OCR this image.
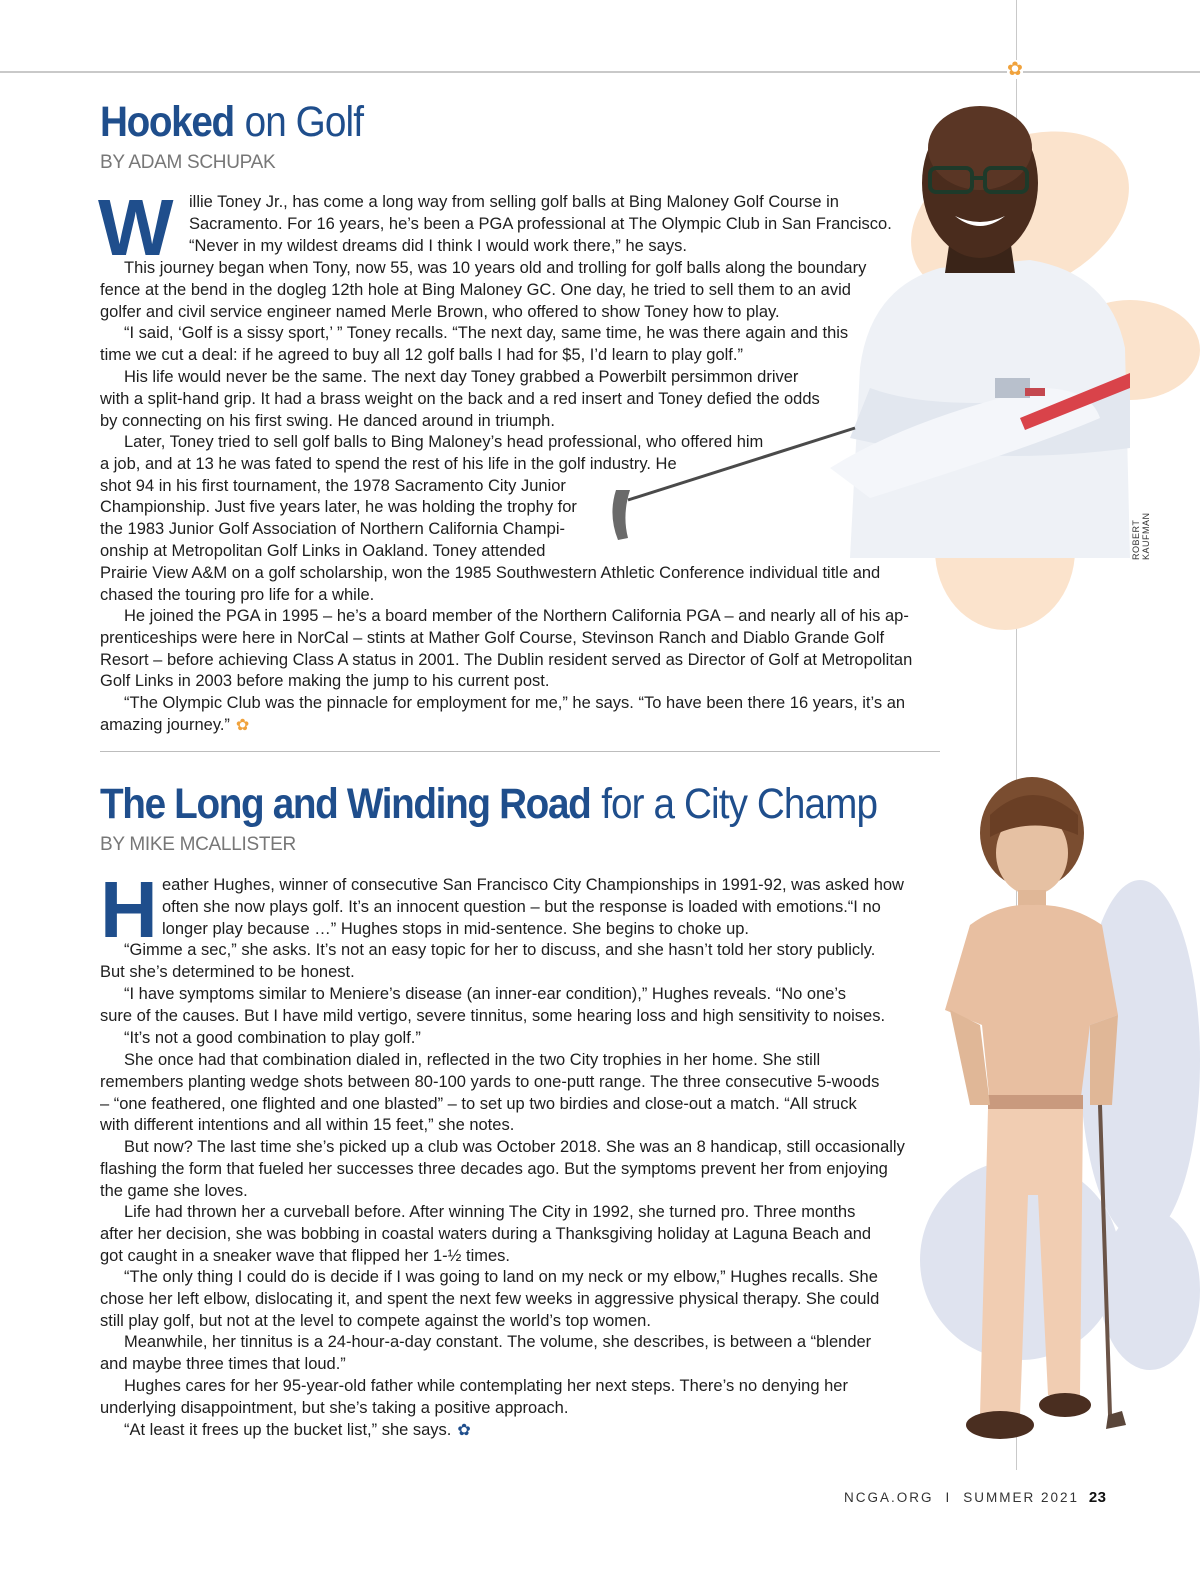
✿
ROBERT KAUFMAN
Hooked on Golf
BY ADAM SCHUPAK
W illie Toney Jr., has come a long way from selling golf balls at Bing Maloney Golf Course in
Sacramento. For 16 years, he’s been a PGA professional at The Olympic Club in San Francisco.
“Never in my wildest dreams did I think I would work there,” he says.
This journey began when Tony, now 55, was 10 years old and trolling for golf balls along the boundary
fence at the bend in the dogleg 12th hole at Bing Maloney GC. One day, he tried to sell them to an avid
golfer and civil service engineer named Merle Brown, who offered to show Toney how to play.
“I said, ‘Golf is a sissy sport,’ ” Toney recalls. “The next day, same time, he was there again and this
time we cut a deal: if he agreed to buy all 12 golf balls I had for $5, I’d learn to play golf.”
His life would never be the same. The next day Toney grabbed a Powerbilt persimmon driver
with a split-hand grip. It had a brass weight on the back and a red insert and Toney defied the odds
by connecting on his first swing. He danced around in triumph.
Later, Toney tried to sell golf balls to Bing Maloney’s head professional, who offered him
a job, and at 13 he was fated to spend the rest of his life in the golf industry. He
shot 94 in his first tournament, the 1978 Sacramento City Junior
Championship. Just five years later, he was holding the trophy for
the 1983 Junior Golf Association of Northern California Champi-
onship at Metropolitan Golf Links in Oakland. Toney attended
Prairie View A&M on a golf scholarship, won the 1985 Southwestern Athletic Conference individual title and
chased the touring pro life for a while.
He joined the PGA in 1995 – he’s a board member of the Northern California PGA – and nearly all of his ap-
prenticeships were here in NorCal – stints at Mather Golf Course, Stevinson Ranch and Diablo Grande Golf
Resort – before achieving Class A status in 2001. The Dublin resident served as Director of Golf at Metropolitan
Golf Links in 2003 before making the jump to his current post.
“The Olympic Club was the pinnacle for employment for me,” he says. “To have been there 16 years, it’s an
amazing journey.” ✿
The Long and Winding Road for a City Champ
BY MIKE MCALLISTER
H eather Hughes, winner of consecutive San Francisco City Championships in 1991-92, was asked how
often she now plays golf. It’s an innocent question – but the response is loaded with emotions.“I no
longer play because …” Hughes stops in mid-sentence. She begins to choke up.
“Gimme a sec,” she asks. It’s not an easy topic for her to discuss, and she hasn’t told her story publicly.
But she’s determined to be honest.
“I have symptoms similar to Meniere’s disease (an inner-ear condition),” Hughes reveals. “No one’s
sure of the causes. But I have mild vertigo, severe tinnitus, some hearing loss and high sensitivity to noises.
“It’s not a good combination to play golf.”
She once had that combination dialed in, reflected in the two City trophies in her home. She still
remembers planting wedge shots between 80-100 yards to one-putt range. The three consecutive 5-woods
– “one feathered, one flighted and one blasted” – to set up two birdies and close-out a match. “All struck
with different intentions and all within 15 feet,” she notes.
But now? The last time she’s picked up a club was October 2018. She was an 8 handicap, still occasionally
flashing the form that fueled her successes three decades ago. But the symptoms prevent her from enjoying
the game she loves.
Life had thrown her a curveball before. After winning The City in 1992, she turned pro. Three months
after her decision, she was bobbing in coastal waters during a Thanksgiving holiday at Laguna Beach and
got caught in a sneaker wave that flipped her 1-½ times.
“The only thing I could do is decide if I was going to land on my neck or my elbow,” Hughes recalls. She
chose her left elbow, dislocating it, and spent the next few weeks in aggressive physical therapy. She could
still play golf, but not at the level to compete against the world’s top women.
Meanwhile, her tinnitus is a 24-hour-a-day constant. The volume, she describes, is between a “blender
and maybe three times that loud.”
Hughes cares for her 95-year-old father while contemplating her next steps. There’s no denying her
underlying disappointment, but she’s taking a positive approach.
“At least it frees up the bucket list,” she says. ✿
NCGA.ORG I SUMMER 2021 23
